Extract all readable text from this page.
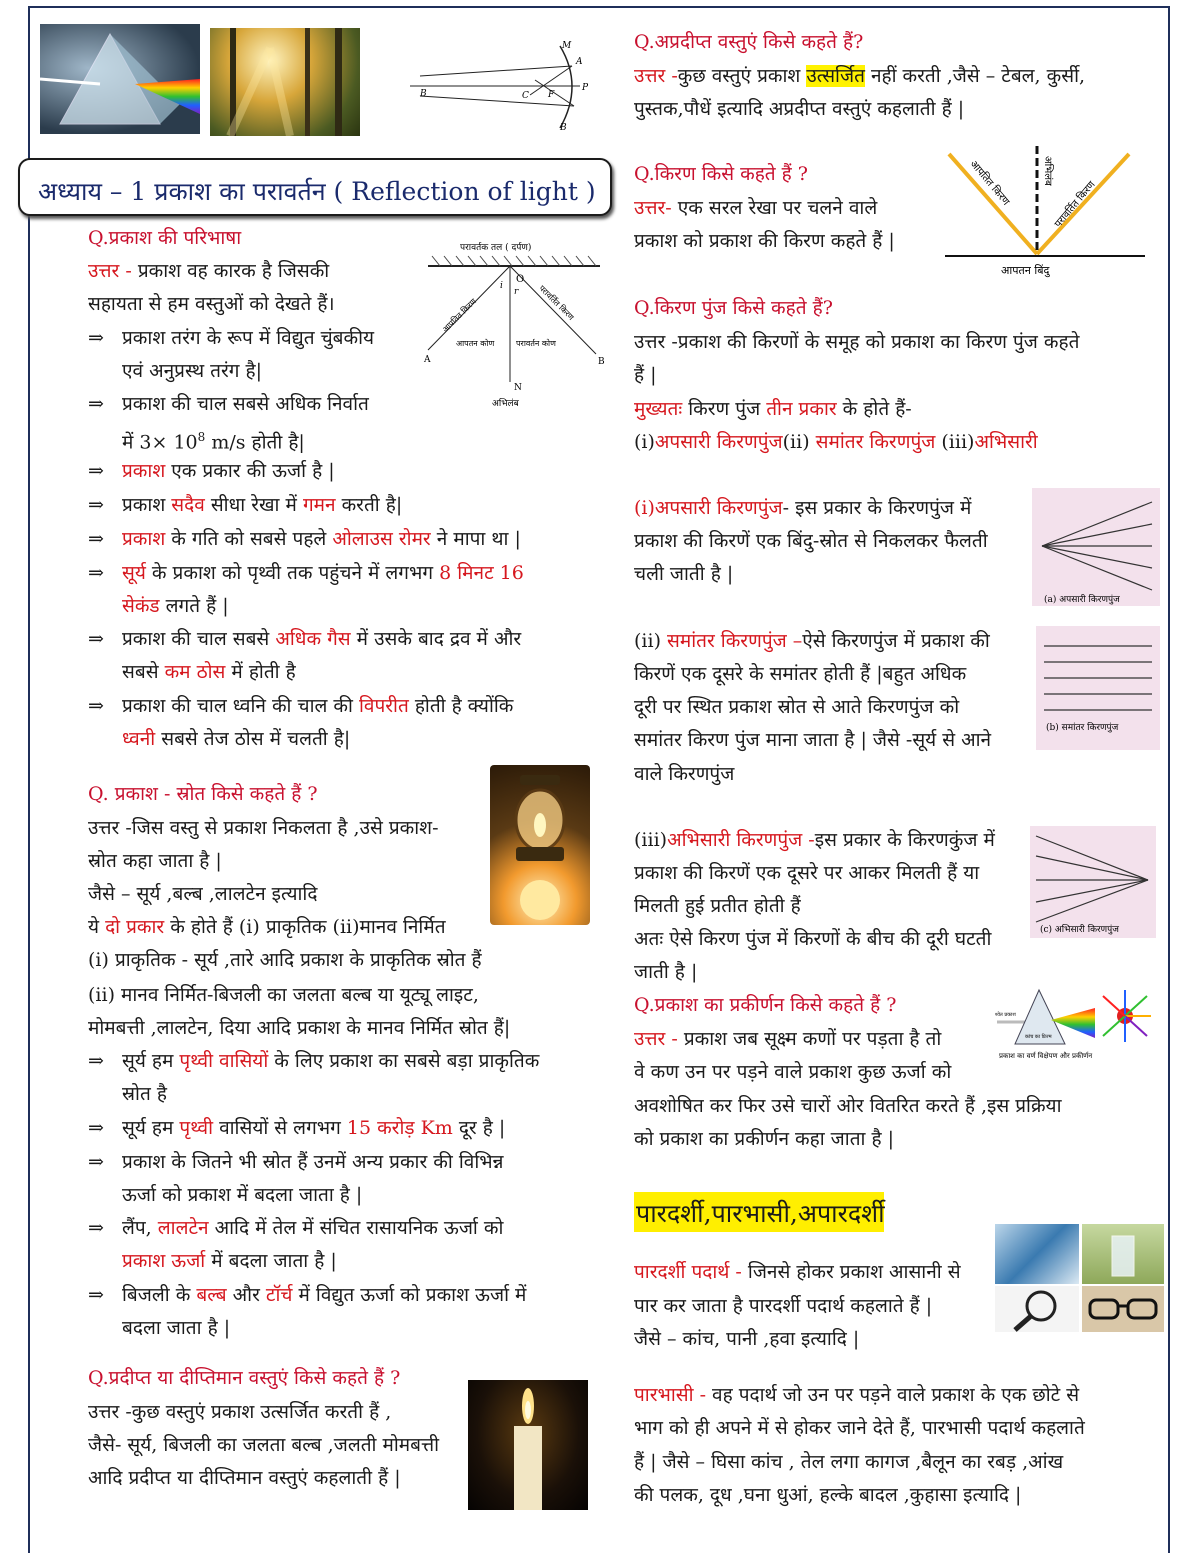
M
B	C F
P
B
A
अध्याय – 1 प्रकाश का परावर्तन ( Reflection of light )
Q.प्रकाश की परिभाषा
उत्तर - प्रकाश वह कारक है जिसकी
सहायता से हम वस्तुओं को देखते हैं।
परावर्तक तल ( दर्पण)
O
i
r
आपतित किरण	परावर्तित किरण
आपतन कोण	परावर्तन कोण
A	B
N
अभिलंब
⇒ प्रकाश तरंग के रूप में विद्युत चुंबकीय
एवं अनुप्रस्थ तरंग है|
⇒ प्रकाश की चाल सबसे अधिक निर्वात
में $3\times 10^8$ m/s होती है|
⇒ प्रकाश एक प्रकार की ऊर्जा है |
⇒ प्रकाश सदैव सीधा रेखा में गमन करती है|
⇒ प्रकाश के गति को सबसे पहले ओलाउस रोमर ने मापा था |
⇒ सूर्य के प्रकाश को पृथ्वी तक पहुंचने में लगभग 8 मिनट 16
सेकंड लगते हैं |
⇒ प्रकाश की चाल सबसे अधिक गैस में उसके बाद द्रव में और
सबसे कम ठोस में होती है
⇒ प्रकाश की चाल ध्वनि की चाल की विपरीत होती है क्योंकि
ध्वनी सबसे तेज ठोस में चलती है|
Q. प्रकाश - स्रोत किसे कहते हैं ?
उत्तर -जिस वस्तु से प्रकाश निकलता है ,उसे प्रकाश-
स्रोत कहा जाता है |
जैसे – सूर्य ,बल्ब ,लालटेन इत्यादि
ये दो प्रकार के होते हैं (i) प्राकृतिक (ii)मानव निर्मित
(i) प्राकृतिक - सूर्य ,तारे आदि प्रकाश के प्राकृतिक स्रोत हैं
(ii) मानव निर्मित-बिजली का जलता बल्ब या यूट्यू लाइट,
मोमबत्ती ,लालटेन, दिया आदि प्रकाश के मानव निर्मित स्रोत हैं|
⇒ सूर्य हम पृथ्वी वासियों के लिए प्रकाश का सबसे बड़ा प्राकृतिक
स्रोत है
⇒ सूर्य हम पृथ्वी वासियों से लगभग 15 करोड़ Km दूर है |
⇒ प्रकाश के जितने भी स्रोत हैं उनमें अन्य प्रकार की विभिन्न
ऊर्जा को प्रकाश में बदला जाता है |
⇒ लैंप, लालटेन आदि में तेल में संचित रासायनिक ऊर्जा को
प्रकाश ऊर्जा में बदला जाता है |
⇒ बिजली के बल्ब और टॉर्च में विद्युत ऊर्जा को प्रकाश ऊर्जा में
बदला जाता है |
Q.प्रदीप्त या दीप्तिमान वस्तुएं किसे कहते हैं ?
उत्तर -कुछ वस्तुएं प्रकाश उत्सर्जित करती हैं ,
जैसे- सूर्य, बिजली का जलता बल्ब ,जलती मोमबत्ती
आदि प्रदीप्त या दीप्तिमान वस्तुएं कहलाती हैं |
Q.अप्रदीप्त वस्तुएं किसे कहते हैं?
उत्तर -कुछ वस्तुएं प्रकाश उत्सर्जित नहीं करती ,जैसे – टेबल, कुर्सी,
पुस्तक,पौधें इत्यादि अप्रदीप्त वस्तुएं कहलाती हैं |
Q.किरण किसे कहते हैं ?
उत्तर- एक सरल रेखा पर चलने वाले
प्रकाश को प्रकाश की किरण कहते हैं |
आपतित किरण	अभिलंब
परावर्तित किरण
आपतन बिंदु
Q.किरण पुंज किसे कहते हैं?
उत्तर -प्रकाश की किरणों के समूह को प्रकाश का किरण पुंज कहते
हैं |
मुख्यतः किरण पुंज तीन प्रकार के होते हैं-
(i)अपसारी किरणपुंज(ii) समांतर किरणपुंज (iii)अभिसारी
(i)अपसारी किरणपुंज- इस प्रकार के किरणपुंज में
प्रकाश की किरणें एक बिंदु-स्रोत से निकलकर फैलती
चली जाती है |
(a) अपसारी किरणपुंज
(ii) समांतर किरणपुंज –ऐसे किरणपुंज में प्रकाश की
किरणें एक दूसरे के समांतर होती हैं |बहुत अधिक
दूरी पर स्थित प्रकाश स्रोत से आते किरणपुंज को
समांतर किरण पुंज माना जाता है | जैसे -सूर्य से आने
वाले किरणपुंज
(b) समांतर किरणपुंज
(iii)अभिसारी किरणपुंज -इस प्रकार के किरणकुंज में
प्रकाश की किरणें एक दूसरे पर आकर मिलती हैं या
मिलती हुई प्रतीत होती हैं
अतः ऐसे किरण पुंज में किरणों के बीच की दूरी घटती
जाती है |
(c) अभिसारी किरणपुंज
Q.प्रकाश का प्रकीर्णन किसे कहते हैं ?
उत्तर - प्रकाश जब सूक्ष्म कणों पर पड़ता है तो
वे कण उन पर पड़ने वाले प्रकाश कुछ ऊर्जा को
अवशोषित कर फिर उसे चारों ओर वितरित करते हैं ,इस प्रक्रिया
को प्रकाश का प्रकीर्णन कहा जाता है |
श्वेत प्रकाश
कांच का प्रिज्म
प्रकाश का वर्ण विक्षेपण और प्रकीर्णन
पारदर्शी,पारभासी,अपारदर्शी
पारदर्शी पदार्थ - जिनसे होकर प्रकाश आसानी से
पार कर जाता है पारदर्शी पदार्थ कहलाते हैं |
जैसे – कांच, पानी ,हवा इत्यादि |
पारभासी - वह पदार्थ जो उन पर पड़ने वाले प्रकाश के एक छोटे से
भाग को ही अपने में से होकर जाने देते हैं, पारभासी पदार्थ कहलाते
हैं | जैसे – घिसा कांच , तेल लगा कागज ,बैलून का रबड़ ,आंख
की पलक, दूध ,घना धुआं, हल्के बादल ,कुहासा इत्यादि |
